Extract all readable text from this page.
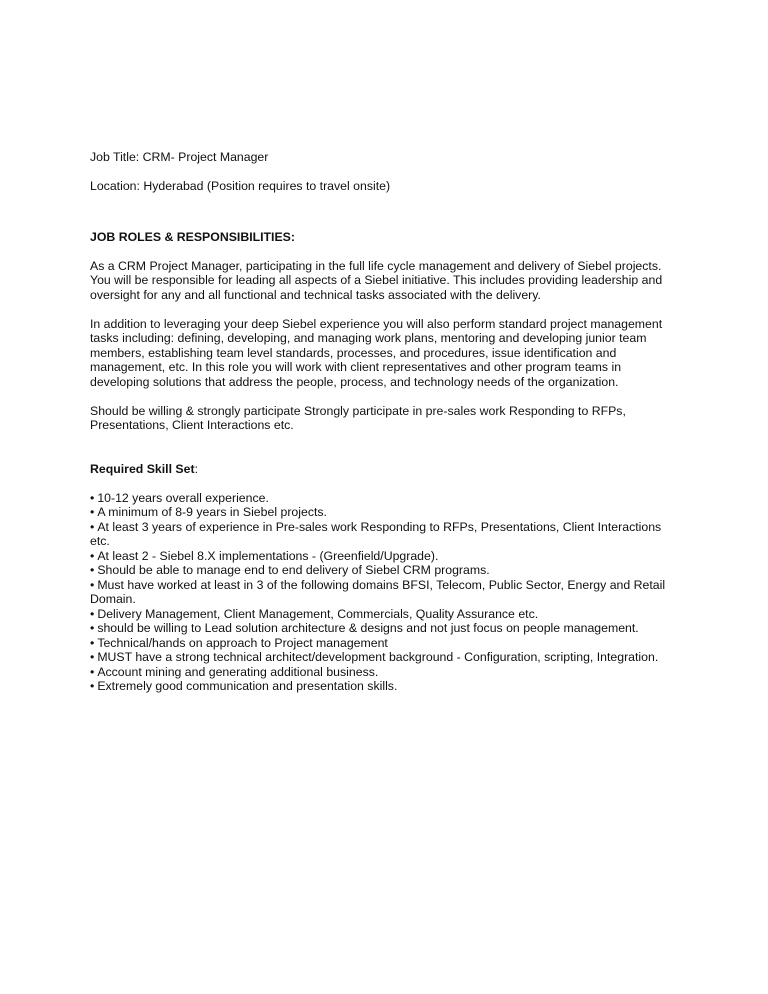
Job Title: CRM- Project Manager

Location: Hyderabad (Position requires to travel onsite)

JOB ROLES & RESPONSIBILITIES:

As a CRM Project Manager, participating in the full life cycle management and delivery of Siebel projects. You will be responsible for leading all aspects of a Siebel initiative. This includes providing leadership and oversight for any and all functional and technical tasks associated with the delivery.

In addition to leveraging your deep Siebel experience you will also perform standard project management tasks including: defining, developing, and managing work plans, mentoring and developing junior team members, establishing team level standards, processes, and procedures, issue identification and management, etc. In this role you will work with client representatives and other program teams in developing solutions that address the people, process, and technology needs of the organization.

Should be willing & strongly participate Strongly participate in pre-sales work Responding to RFPs, Presentations, Client Interactions etc.

Required Skill Set:

• 10-12 years overall experience.
• A minimum of 8-9 years in Siebel projects.
• At least 3 years of experience in Pre-sales work Responding to RFPs, Presentations, Client Interactions etc.
• At least 2 - Siebel 8.X implementations - (Greenfield/Upgrade).
• Should be able to manage end to end delivery of Siebel CRM programs.
• Must have worked at least in 3 of the following domains BFSI, Telecom, Public Sector, Energy and Retail Domain.
• Delivery Management, Client Management, Commercials, Quality Assurance etc.
• should be willing to Lead solution architecture & designs and not just focus on people management.
• Technical/hands on approach to Project management
• MUST have a strong technical architect/development background - Configuration, scripting, Integration.
• Account mining and generating additional business.
• Extremely good communication and presentation skills.
